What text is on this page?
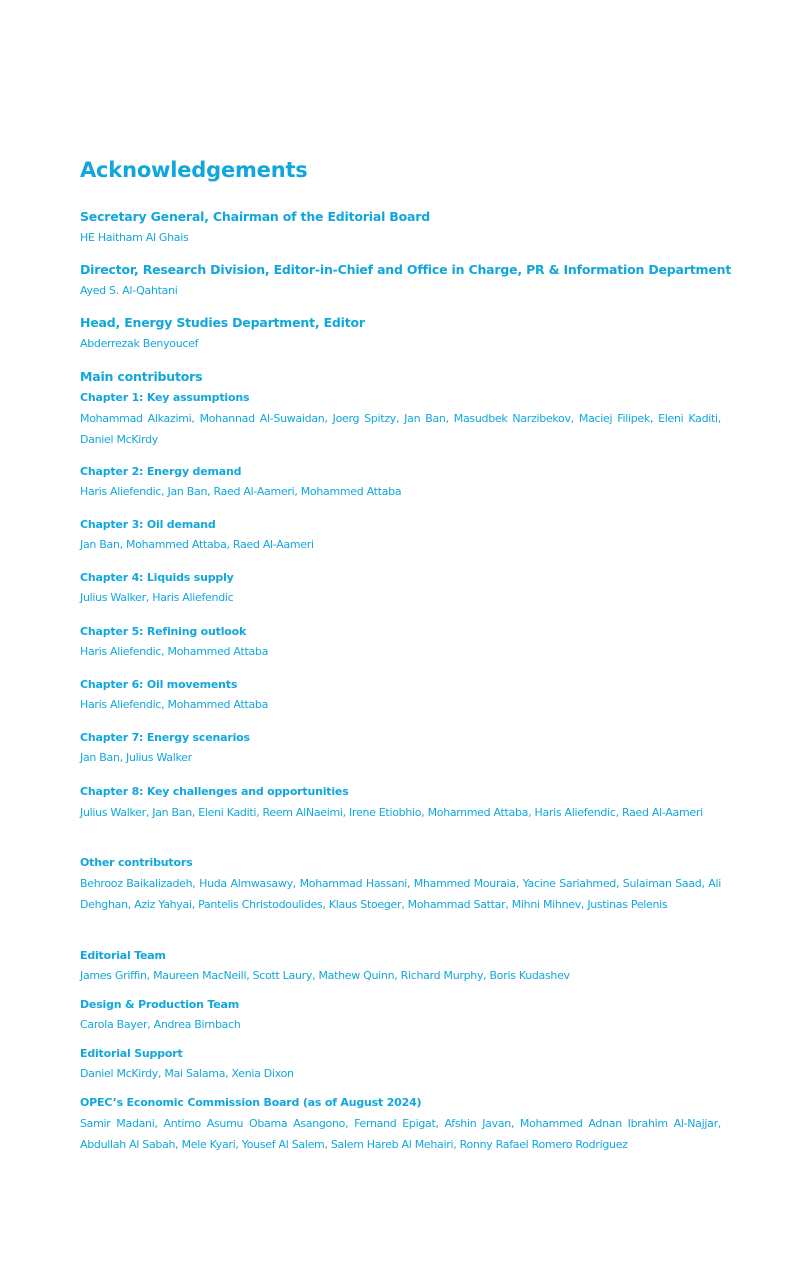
Acknowledgements
Secretary General, Chairman of the Editorial Board
HE Haitham Al Ghais
Director, Research Division, Editor-in-Chief and Office in Charge, PR & Information Department
Ayed S. Al-Qahtani
Head, Energy Studies Department, Editor
Abderrezak Benyoucef
Main contributors
Chapter 1: Key assumptions
Mohammad Alkazimi, Mohannad Al-Suwaidan, Joerg Spitzy, Jan Ban, Masudbek Narzibekov, Maciej Filipek, Eleni Kaditi, Daniel McKirdy
Chapter 2: Energy demand
Haris Aliefendic, Jan Ban, Raed Al-Aameri, Mohammed Attaba
Chapter 3: Oil demand
Jan Ban, Mohammed Attaba, Raed Al-Aameri
Chapter 4: Liquids supply
Julius Walker, Haris Aliefendic
Chapter 5: Refining outlook
Haris Aliefendic, Mohammed Attaba
Chapter 6: Oil movements
Haris Aliefendic, Mohammed Attaba
Chapter 7: Energy scenarios
Jan Ban, Julius Walker
Chapter 8: Key challenges and opportunities
Julius Walker, Jan Ban, Eleni Kaditi, Reem AlNaeimi, Irene Etiobhio, Mohammed Attaba, Haris Aliefendic, Raed Al-Aameri
Other contributors
Behrooz Baikalizadeh, Huda Almwasawy, Mohammad Hassani, Mhammed Mouraia, Yacine Sariahmed, Sulaiman Saad, Ali Dehghan, Aziz Yahyai, Pantelis Christodoulides, Klaus Stoeger, Mohammad Sattar, Mihni Mihnev, Justinas Pelenis
Editorial Team
James Griffin, Maureen MacNeill, Scott Laury, Mathew Quinn, Richard Murphy, Boris Kudashev
Design & Production Team
Carola Bayer, Andrea Birnbach
Editorial Support
Daniel McKirdy, Mai Salama, Xenia Dixon
OPEC’s Economic Commission Board (as of August 2024)
Samir Madani, Antimo Asumu Obama Asangono, Fernand Epigat, Afshin Javan, Mohammed Adnan Ibrahim Al-Najjar, Abdullah Al Sabah, Mele Kyari, Yousef Al Salem, Salem Hareb Al Mehairi, Ronny Rafael Romero Rodriguez
